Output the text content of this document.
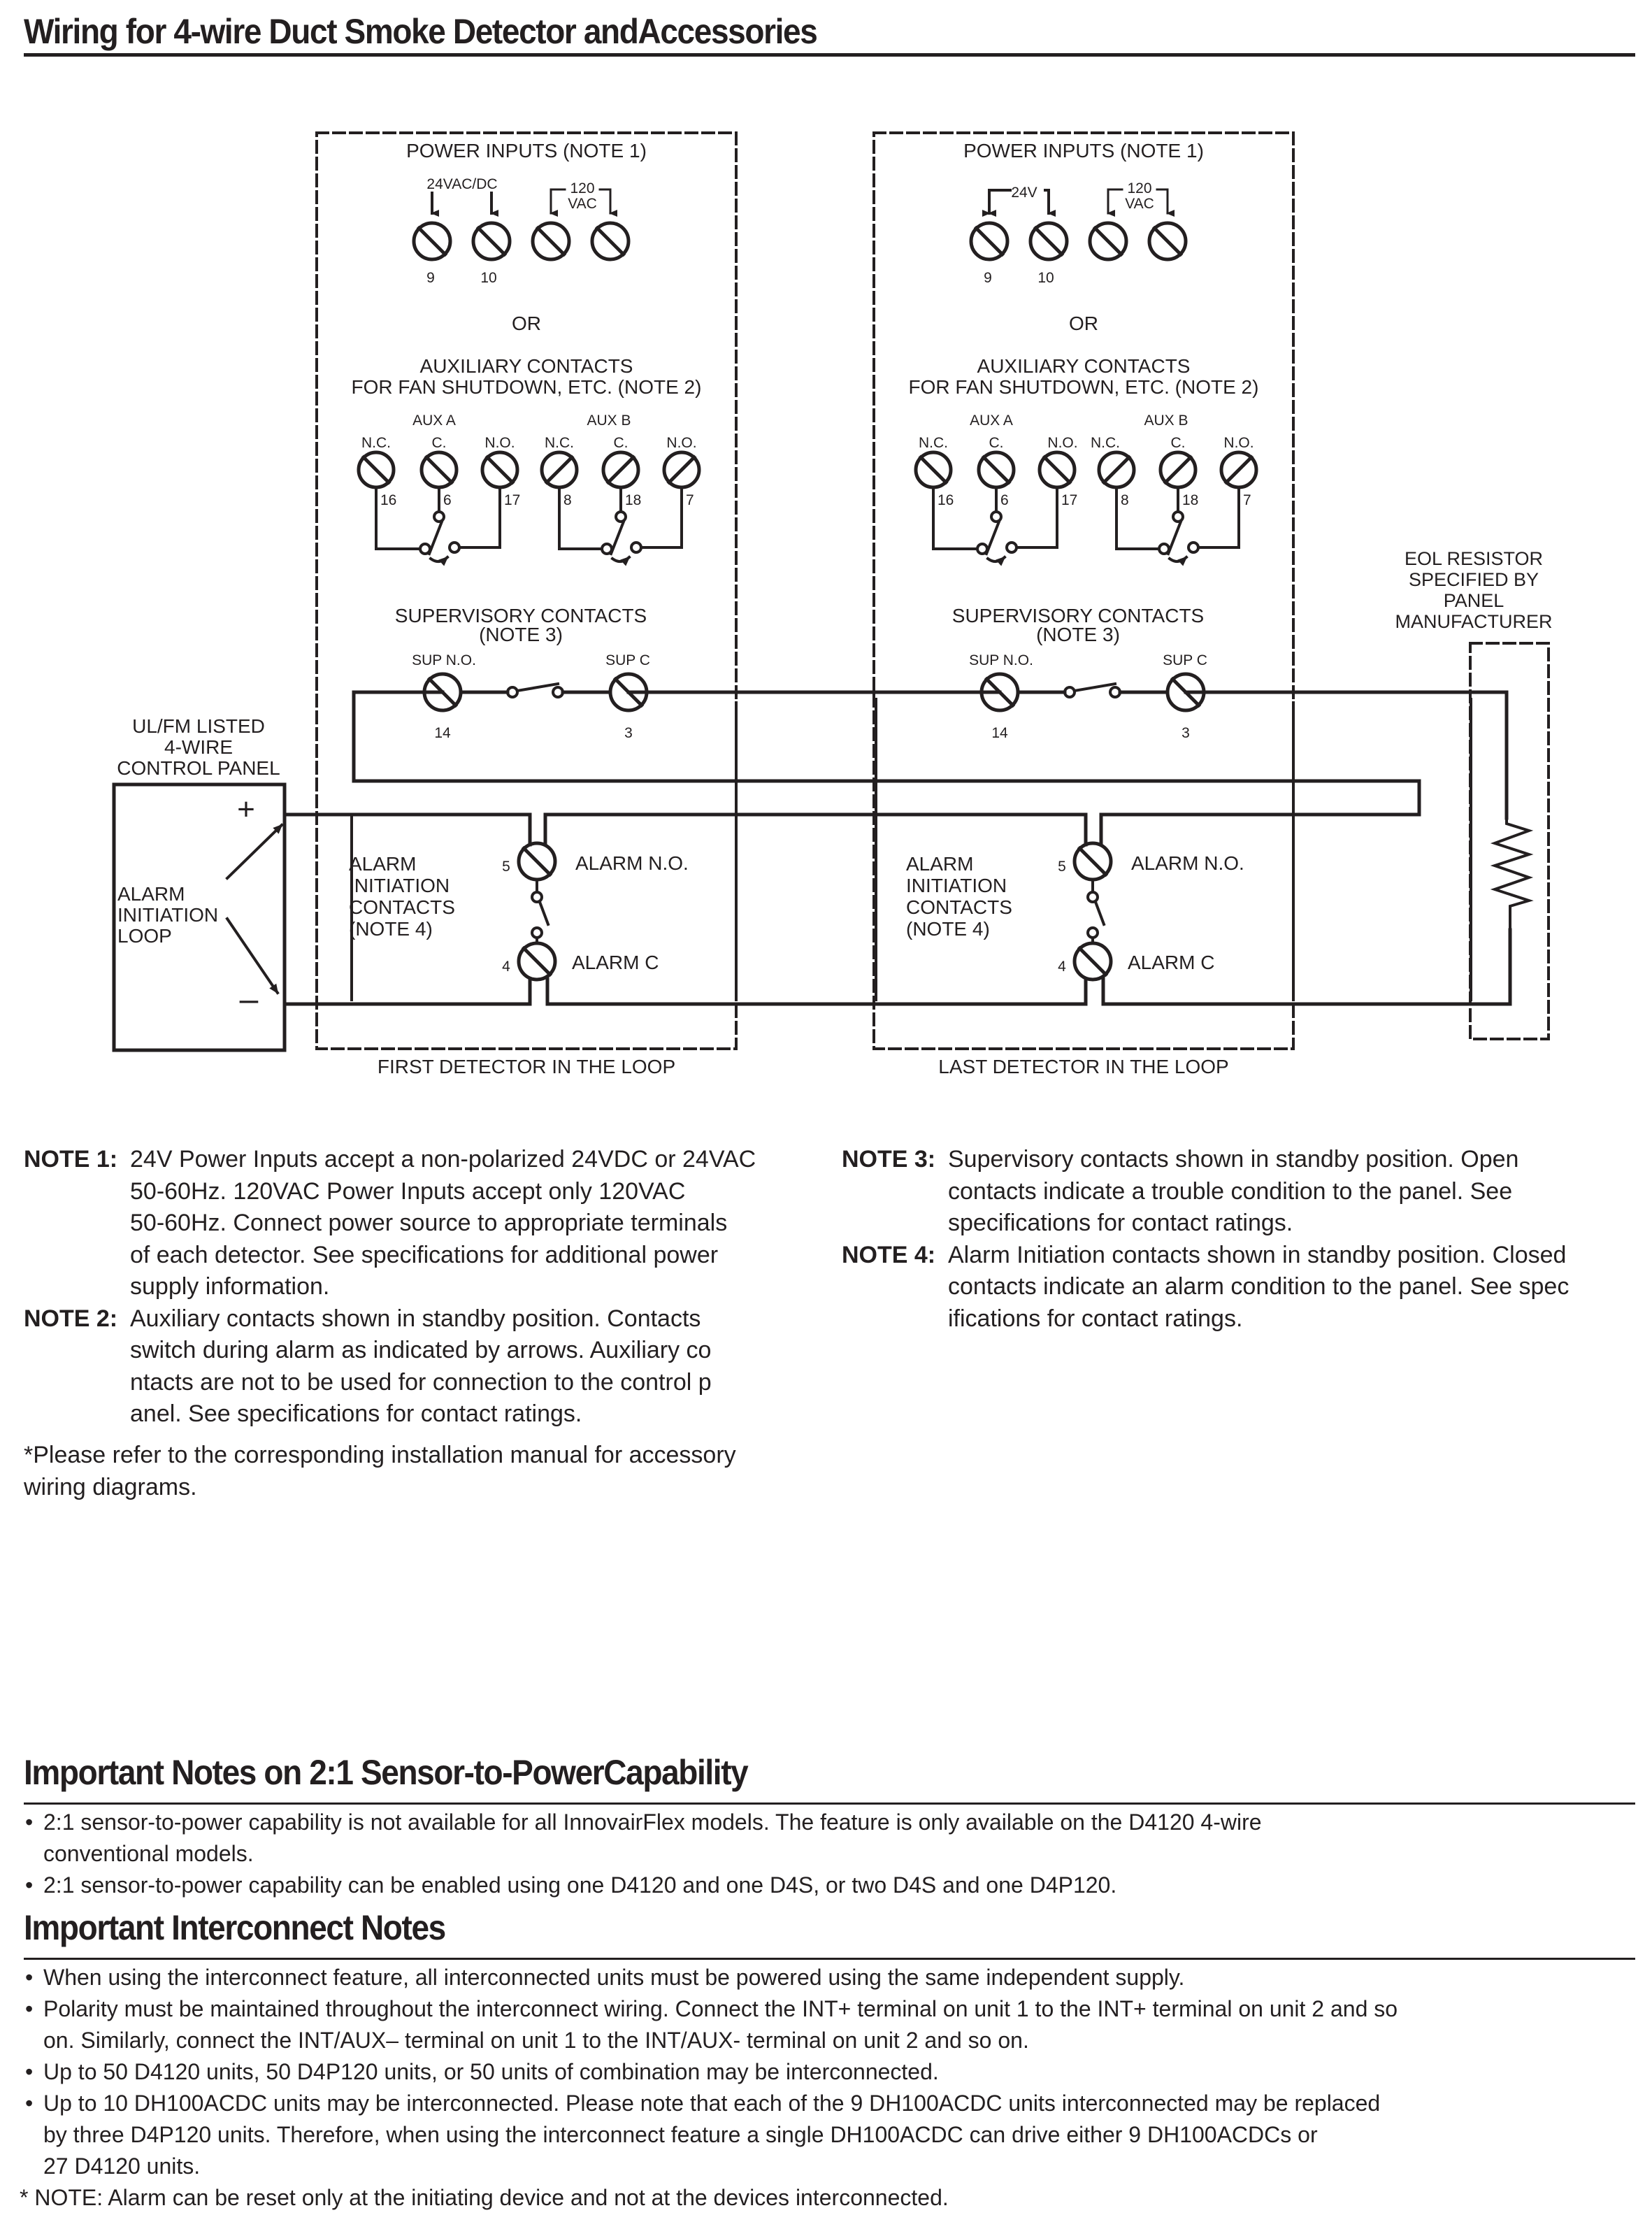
Wiring for 4-wire Duct Smoke Detector andAccessories
POWER INPUTS (NOTE 1)
24VAC/DC	120
VAC
9	10
OR
AUXILIARY CONTACTS
FOR FAN SHUTDOWN, ETC. (NOTE 2)
AUX A	AUX B
N.C.
16
C.
6
N.O.
17
N.C.
8
C.
18
N.O.
7
SUPERVISORY CONTACTS
(NOTE 3)
SUP N.O.	SUP C
14	3
ALARM
INITIATION
CONTACTS
(NOTE 4)
5
4
ALARM N.O.
ALARM C
FIRST DETECTOR IN THE LOOP
POWER INPUTS (NOTE 1)
24V	120
VAC
9	10
OR
AUXILIARY CONTACTS
FOR FAN SHUTDOWN, ETC. (NOTE 2)
AUX A	AUX B
N.C.
16
C.
6
N.O.
17
N.C.
8
C.
18
N.O.
7
SUPERVISORY CONTACTS
(NOTE 3)
SUP N.O.	SUP C
14	3
ALARM
INITIATION
CONTACTS
(NOTE 4)
5
4
ALARM N.O.
ALARM C
LAST DETECTOR IN THE LOOP
EOL RESISTOR
SPECIFIED BY
PANEL
MANUFACTURER
UL/FM LISTED
4-WIRE
CONTROL PANEL
ALARM
INITIATION
LOOP
+
–
NOTE 1: 24V Power Inputs accept a non-polarized 24VDC or 24VAC
50-60Hz. 120VAC Power Inputs accept only 120VAC
50-60Hz. Connect power source to appropriate terminals
of each detector. See specifications for additional power
supply information.
NOTE 2: Auxiliary contacts shown in standby position. Contacts
switch during alarm as indicated by arrows. Auxiliary co
ntacts are not to be used for connection to the control p
anel. See specifications for contact ratings.
*Please refer to the corresponding installation manual for accessory
wiring diagrams.
NOTE 3: Supervisory contacts shown in standby position. Open
contacts indicate a trouble condition to the panel. See
specifications for contact ratings.
NOTE 4: Alarm Initiation contacts shown in standby position. Closed
contacts indicate an alarm condition to the panel. See spec
ifications for contact ratings.
Important Notes on 2:1 Sensor-to-PowerCapability
• 2:1 sensor-to-power capability is not available for all InnovairFlex models. The feature is only available on the D4120 4-wire
conventional models.
• 2:1 sensor-to-power capability can be enabled using one D4120 and one D4S, or two D4S and one D4P120.
Important Interconnect Notes
• When using the interconnect feature, all interconnected units must be powered using the same independent supply.
• Polarity must be maintained throughout the interconnect wiring. Connect the INT+ terminal on unit 1 to the INT+ terminal on unit 2 and so
on. Similarly, connect the INT/AUX– terminal on unit 1 to the INT/AUX- terminal on unit 2 and so on.
• Up to 50 D4120 units, 50 D4P120 units, or 50 units of combination may be interconnected.
• Up to 10 DH100ACDC units may be interconnected. Please note that each of the 9 DH100ACDC units interconnected may be replaced
by three D4P120 units. Therefore, when using the interconnect feature a single DH100ACDC can drive either 9 DH100ACDCs or
27 D4120 units.
* NOTE: Alarm can be reset only at the initiating device and not at the devices interconnected.
